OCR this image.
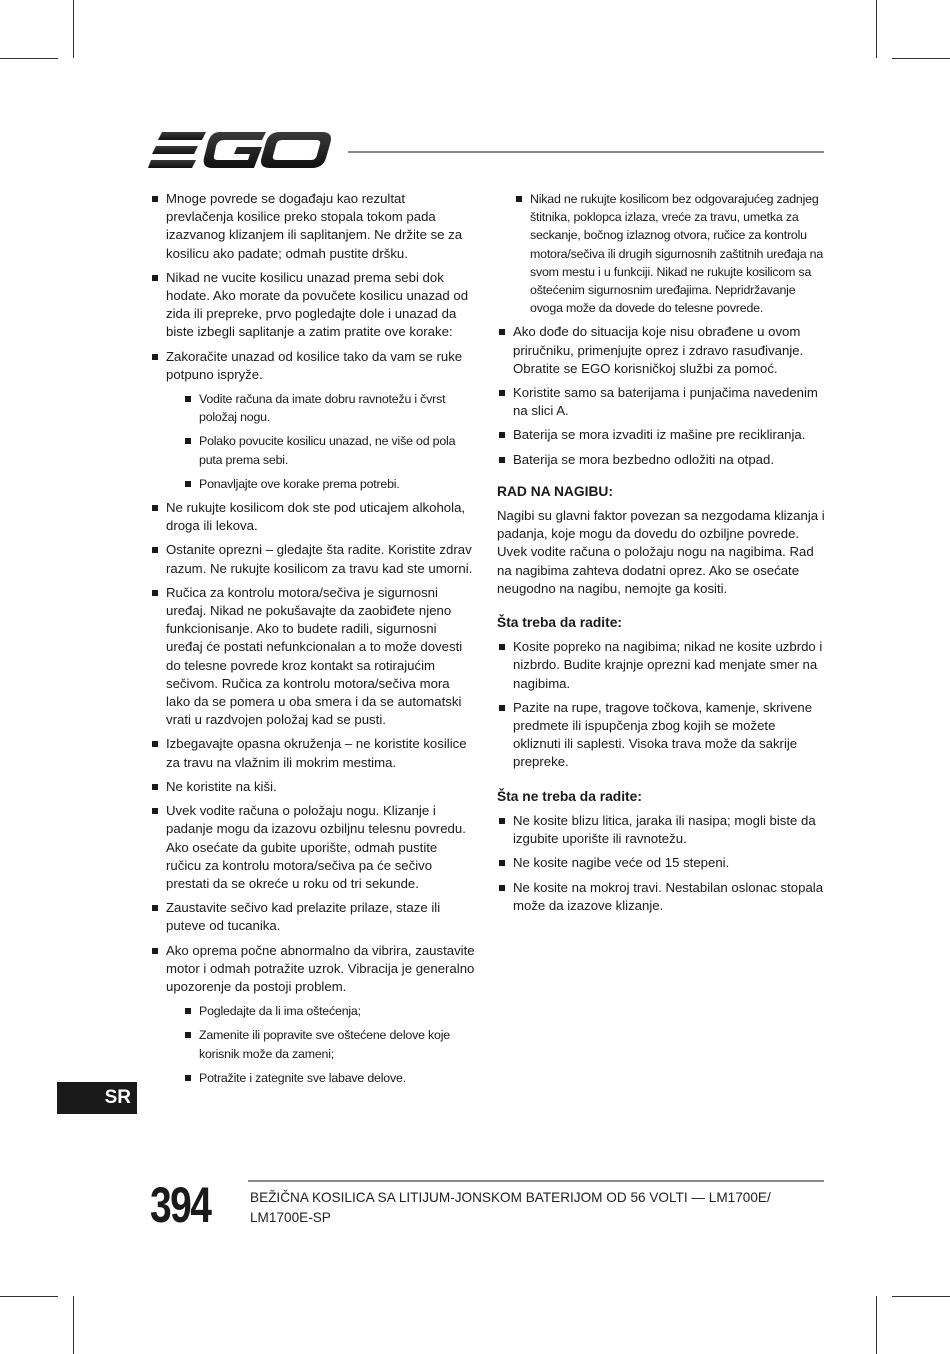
Mnoge povrede se događaju kao rezultat prevlačenja kosilice preko stopala tokom pada izazvanog klizanjem ili saplitanjem. Ne držite se za kosilicu ako padate; odmah pustite dršku.
Nikad ne vucite kosilicu unazad prema sebi dok hodate. Ako morate da povučete kosilicu unazad od zida ili prepreke, prvo pogledajte dole i unazad da biste izbegli saplitanje a zatim pratite ove korake:
Zakoračite unazad od kosilice tako da vam se ruke potpuno isprуže.
Vodite računa da imate dobru ravnotežu i čvrst položaj nogu.
Polako povucite kosilicu unazad, ne više od pola puta prema sebi.
Ponavljajte ove korake prema potrebi.
Ne rukujte kosilicom dok ste pod uticajem alkohola, droga ili lekova.
Ostanite oprezni – gledajte šta radite. Koristite zdrav razum. Ne rukujte kosilicom za travu kad ste umorni.
Ručica za kontrolu motora/sečiva je sigurnosni uređaj. Nikad ne pokušavajte da zaobiđete njeno funkcionisanje. Ako to budete radili, sigurnosni uređaj će postati nefunkcionalan a to može dovesti do telesne povrede kroz kontakt sa rotirajućim sečivom. Ručica za kontrolu motora/sečiva mora lako da se pomera u oba smera i da se automatski vrati u razdvojen položaj kad se pusti.
Izbegavajte opasna okruženja – ne koristite kosilice za travu na vlažnim ili mokrim mestima.
Ne koristite na kiši.
Uvek vodite računa o položaju nogu. Klizanje i padanje mogu da izazovu ozbiljnu telesnu povredu. Ako osećate da gubite uporište, odmah pustite ručicu za kontrolu motora/sečiva pa će sečivo prestati da se okreće u roku od tri sekunde.
Zaustavite sečivo kad prelazite prilaze, staze ili puteve od tucanika.
Ako oprema počne abnormalno da vibrira, zaustavite motor i odmah potražite uzrok. Vibracija je generalno upozorenje da postoji problem.
Pogledajte da li ima oštećenja;
Zamenite ili popravite sve oštećene delove koje korisnik može da zameni;
Potražite i zategnite sve labave delove.
Nikad ne rukujte kosilicom bez odgovarajućeg zadnjeg štitnika, poklopca izlaza, vreće za travu, umetka za seckanje, bočnog izlaznog otvora, ručice za kontrolu motora/sečiva ili drugih sigurnosnih zaštitnih uređaja na svom mestu i u funkciji. Nikad ne rukujte kosilicom sa oštećenim sigurnosnim uređajima. Nepridržavanje ovoga može da dovede do telesne povrede.
Ako dođe do situacija koje nisu obrađene u ovom priručniku, primenjujte oprez i zdravo rasuđivanje. Obratite se EGO korisničkoj službi za pomoć.
Koristite samo sa baterijama i punjačima navedenim na slici A.
Baterija se mora izvaditi iz mašine pre recikliranja.
Baterija se mora bezbedno odložiti na otpad.
RAD NA NAGIBU:

Nagibi su glavni faktor povezan sa nezgodama klizanja i padanja, koje mogu da dovedu do ozbiljne povrede. Uvek vodite računa o položaju nogu na nagibima. Rad na nagibima zahteva dodatni oprez. Ako se osećate neugodno na nagibu, nemojte ga kositi.

Šta treba da radite:
Kosite popreko na nagibima; nikad ne kosite uzbrdo i nizbrdo. Budite krajnje oprezni kad menjate smer na nagibima.
Pazite na rupe, tragove točkova, kamenje, skrivene predmete ili ispupčenja zbog kojih se možete okliznuti ili saplesti. Visoka trava može da sakrije prepreke.
Šta ne treba da radite:
Ne kosite blizu litica, jaraka ili nasipa; mogli biste da izgubite uporište ili ravnotežu.
Ne kosite nagibe veće od 15 stepeni.
Ne kosite na mokroj travi. Nestabilan oslonac stopala može da izazove klizanje.
SR
394	BEŽIČNA KOSILICA SA LITIJUM-JONSKOM BATERIJOM OD 56 VOLTI — LM1700E/ LM1700E-SP
